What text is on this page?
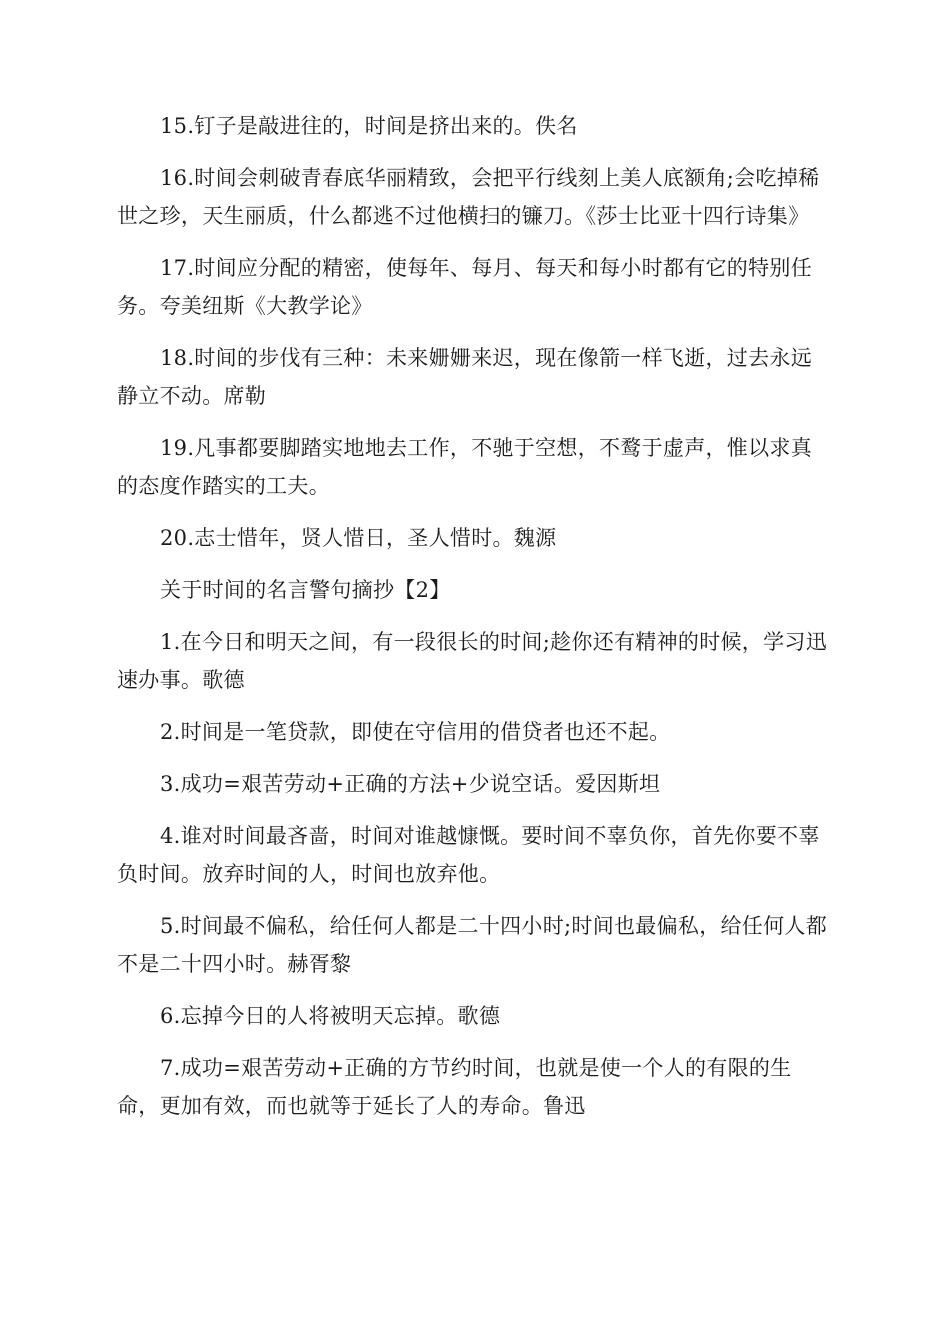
15.钉子是敲进往的，时间是挤出来的。佚名

16.时间会刺破青春底华丽精致，会把平行线刻上美人底额角;会吃掉稀世之珍，天生丽质，什么都逃不过他横扫的镰刀。《莎士比亚十四行诗集》

17.时间应分配的精密，使每年、每月、每天和每小时都有它的特别任务。夸美纽斯《大教学论》

18.时间的步伐有三种：未来姗姗来迟，现在像箭一样飞逝，过去永远静立不动。席勒

19.凡事都要脚踏实地地去工作，不驰于空想，不鹜于虚声，惟以求真的态度作踏实的工夫。

20.志士惜年，贤人惜日，圣人惜时。魏源

关于时间的名言警句摘抄【2】

1.在今日和明天之间，有一段很长的时间;趁你还有精神的时候，学习迅速办事。歌德

2.时间是一笔贷款，即使在守信用的借贷者也还不起。

3.成功=艰苦劳动+正确的方法+少说空话。爱因斯坦

4.谁对时间最吝啬，时间对谁越慷慨。要时间不辜负你，首先你要不辜负时间。放弃时间的人，时间也放弃他。

5.时间最不偏私，给任何人都是二十四小时;时间也最偏私，给任何人都不是二十四小时。赫胥黎

6.忘掉今日的人将被明天忘掉。歌德

7.成功=艰苦劳动+正确的方节约时间，也就是使一个人的有限的生命，更加有效，而也就等于延长了人的寿命。鲁迅
